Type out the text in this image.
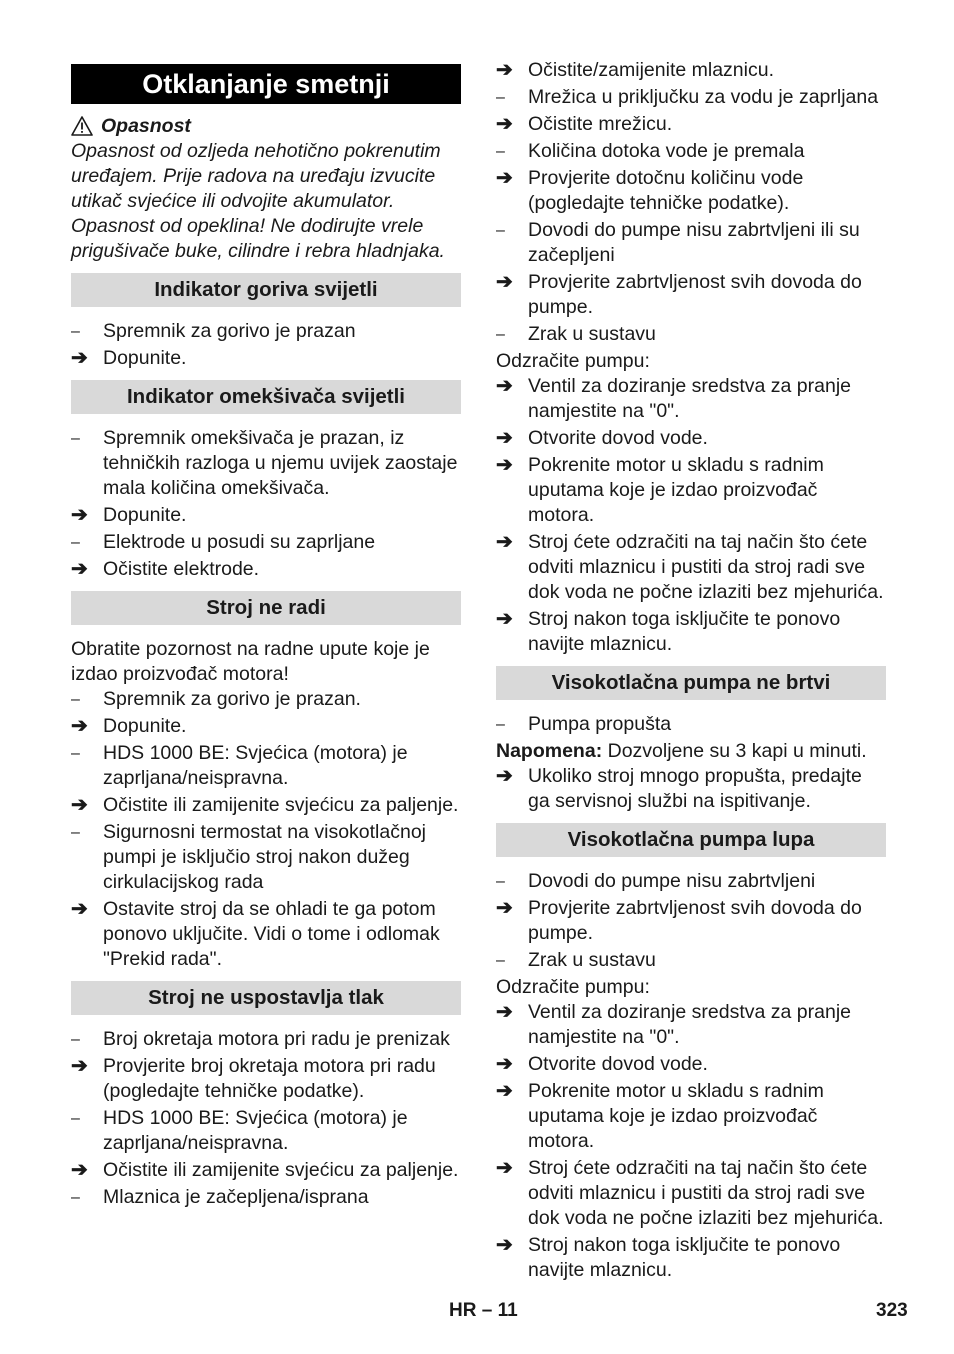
Otklanjanje smetnji
Opasnost

Opasnost od ozljeda nehotično pokrenutim uređajem. Prije radova na uređaju izvucite utikač svjećice ili odvojite akumulator. Opasnost od opeklina! Ne dodirujte vrele prigušivače buke, cilindre i rebra hladnjaka.

Indikator goriva svijetli
–	Spremnik za gorivo je prazan
➔ Dopunite.
Indikator omekšivača svijetli
–	Spremnik omekšivača je prazan, iz tehničkih razloga u njemu uvijek zaostaje mala količina omekšivača.
➔ Dopunite.
–	Elektrode u posudi su zaprljane
➔ Očistite elektrode.
Stroj ne radi
Obratite pozornost na radne upute koje je izdao proizvođač motora!
–	Spremnik za gorivo je prazan.
➔ Dopunite.
–	HDS 1000 BE: Svjećica (motora) je zaprljana/neispravna.
➔ Očistite ili zamijenite svjećicu za paljenje.
–	Sigurnosni termostat na visokotlačnoj pumpi je isključio stroj nakon dužeg cirkulacijskog rada
➔ Ostavite stroj da se ohladi te ga potom ponovo uključite. Vidi o tome i odlomak "Prekid rada".
Stroj ne uspostavlja tlak
–	Broj okretaja motora pri radu je prenizak
➔ Provjerite broj okretaja motora pri radu (pogledajte tehničke podatke).
–	HDS 1000 BE: Svjećica (motora) je zaprljana/neispravna.
➔ Očistite ili zamijenite svjećicu za paljenje.
–	Mlaznica je začepljena/isprana
➔ Očistite/zamijenite mlaznicu.
–	Mrežica u priključku za vodu je zaprljana
➔ Očistite mrežicu.
–	Količina dotoka vode je premala
➔ Provjerite dotočnu količinu vode (pogledajte tehničke podatke).
–	Dovodi do pumpe nisu zabrtvljeni ili su začepljeni
➔ Provjerite zabrtvljenost svih dovoda do pumpe.
–	Zrak u sustavu
Odzračite pumpu:
➔ Ventil za doziranje sredstva za pranje namjestite na "0".
➔ Otvorite dovod vode.
➔ Pokrenite motor u skladu s radnim uputama koje je izdao proizvođač motora.
➔ Stroj ćete odzračiti na taj način što ćete odviti mlaznicu i pustiti da stroj radi sve dok voda ne počne izlaziti bez mjehurića.
➔ Stroj nakon toga isključite te ponovo navijte mlaznicu.
Visokotlačna pumpa ne brtvi
–	Pumpa propušta
Napomena: Dozvoljene su 3 kapi u minuti.
➔ Ukoliko stroj mnogo propušta, predajte ga servisnoj službi na ispitivanje.
Visokotlačna pumpa lupa
–	Dovodi do pumpe nisu zabrtvljeni
➔ Provjerite zabrtvljenost svih dovoda do pumpe.
–	Zrak u sustavu
Odzračite pumpu:
➔ Ventil za doziranje sredstva za pranje namjestite na "0".
➔ Otvorite dovod vode.
➔ Pokrenite motor u skladu s radnim uputama koje je izdao proizvođač motora.
➔ Stroj ćete odzračiti na taj način što ćete odviti mlaznicu i pustiti da stroj radi sve dok voda ne počne izlaziti bez mjehurića.
➔ Stroj nakon toga isključite te ponovo navijte mlaznicu.
HR – 11	323
